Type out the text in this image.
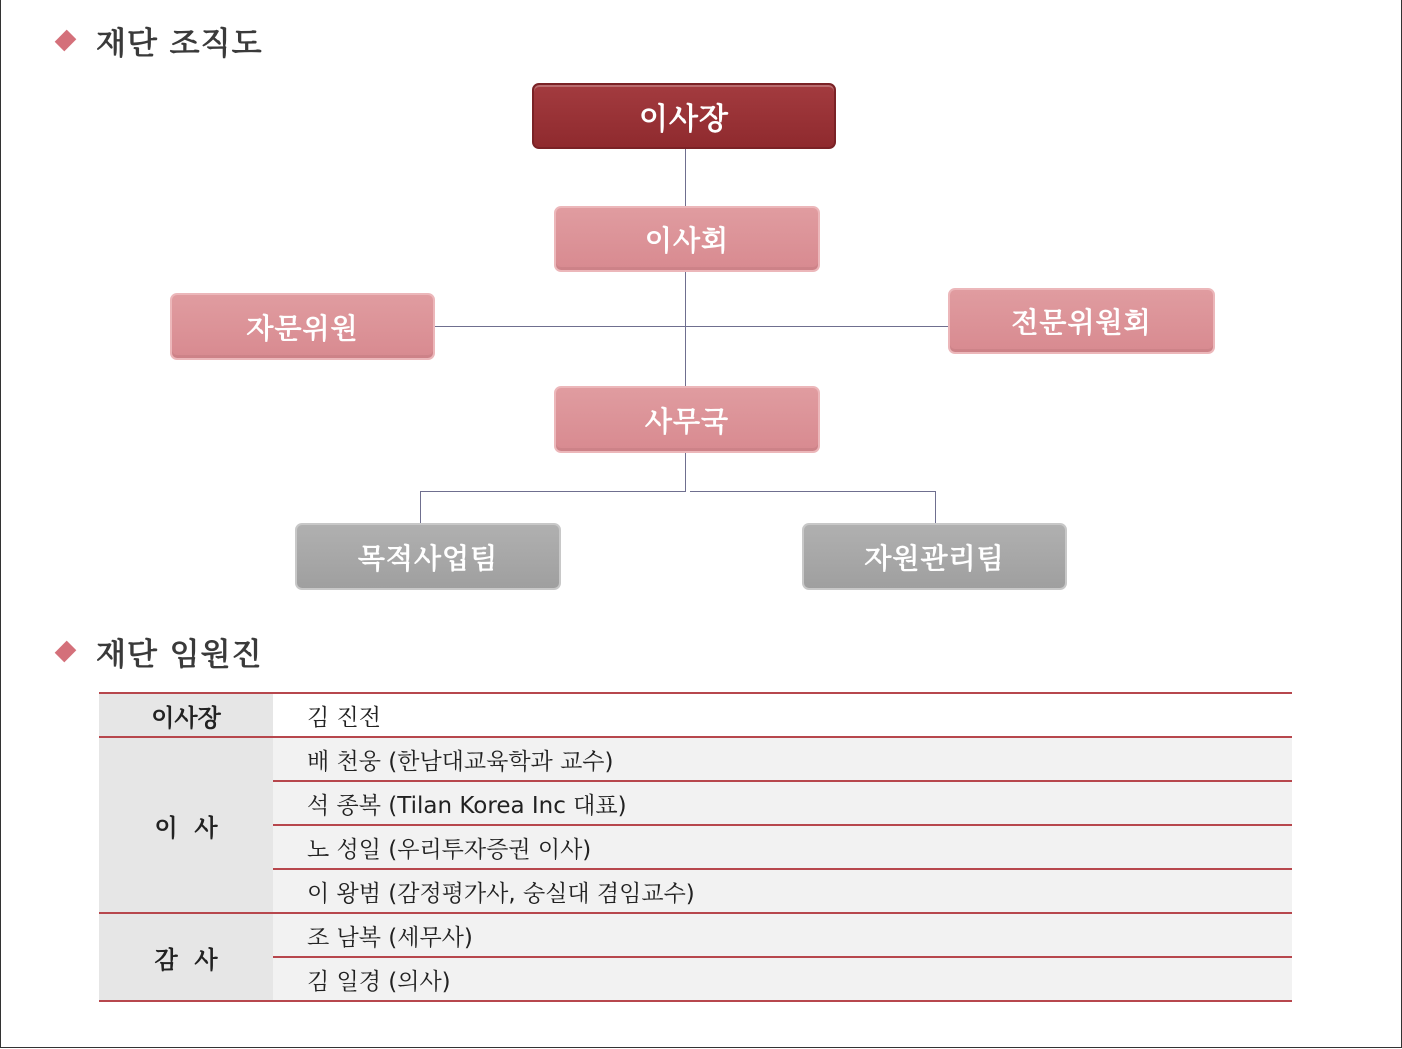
재단 조직도
이사장
이사회
자문위원	전문위원회
사무국
목적사업팀	자원관리팀
재단 임원진
이사장	김 진전
이  사	배 천웅 (한남대교육학과 교수)
	석 종복 (Tilan Korea Inc 대표)
	노 성일 (우리투자증권 이사)
	이 왕범 (감정평가사, 숭실대 겸임교수)
감  사	조 남복 (세무사)
	김 일경 (의사)
